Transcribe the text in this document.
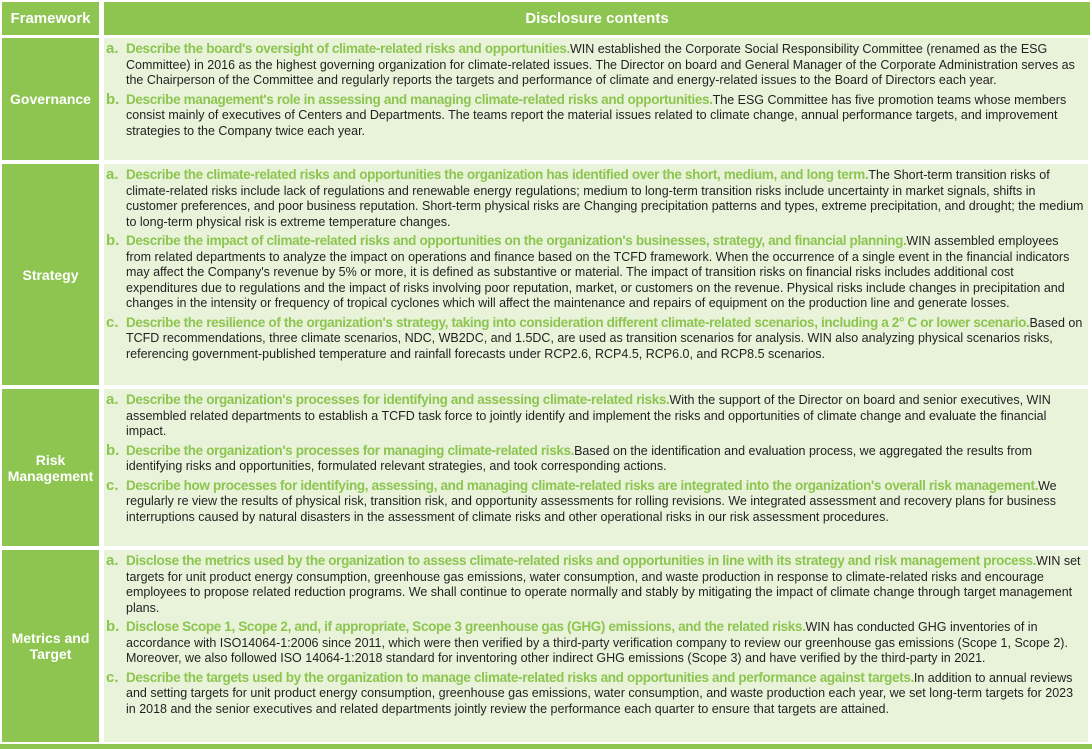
Framework	Disclosure contents
Governance
a. Describe the board's oversight of climate-related risks and opportunities.WIN established the Corporate Social Responsibility Committee (renamed as the ESG Committee) in 2016 as the highest governing organization for climate-related issues. The Director on board and General Manager of the Corporate Administration serves as the Chairperson of the Committee and regularly reports the targets and performance of climate and energy-related issues to the Board of Directors each year.

b. Describe management's role in assessing and managing climate-related risks and opportunities.The ESG Committee has five promotion teams whose members consist mainly of executives of Centers and Departments. The teams report the material issues related to climate change, annual performance targets, and improvement strategies to the Company twice each year.

Strategy
a. Describe the climate-related risks and opportunities the organization has identified over the short, medium, and long term.The Short-term transition risks of climate-related risks include lack of regulations and renewable energy regulations; medium to long-term transition risks include uncertainty in market signals, shifts in customer preferences, and poor business reputation. Short-term physical risks are Changing precipitation patterns and types, extreme precipitation, and drought; the medium to long-term physical risk is extreme temperature changes.

b. Describe the impact of climate-related risks and opportunities on the organization's businesses, strategy, and financial planning.WIN assembled employees from related departments to analyze the impact on operations and finance based on the TCFD framework. When the occurrence of a single event in the financial indicators may affect the Company's revenue by 5% or more, it is defined as substantive or material. The impact of transition risks on financial risks includes additional cost expenditures due to regulations and the impact of risks involving poor reputation, market, or customers on the revenue. Physical risks include changes in precipitation and changes in the intensity or frequency of tropical cyclones which will affect the maintenance and repairs of equipment on the production line and generate losses.

c. Describe the resilience of the organization's strategy, taking into consideration different climate-related scenarios, including a 2° C or lower scenario.Based on TCFD recommendations, three climate scenarios, NDC, WB2DC, and 1.5DC, are used as transition scenarios for analysis. WIN also analyzing physical scenarios risks, referencing government-published temperature and rainfall forecasts under RCP2.6, RCP4.5, RCP6.0, and RCP8.5 scenarios.

Risk Management
a. Describe the organization's processes for identifying and assessing climate-related risks.With the support of the Director on board and senior executives, WIN assembled related departments to establish a TCFD task force to jointly identify and implement the risks and opportunities of climate change and evaluate the financial impact.

b. Describe the organization's processes for managing climate-related risks.Based on the identification and evaluation process, we aggregated the results from identifying risks and opportunities, formulated relevant strategies, and took corresponding actions.

c. Describe how processes for identifying, assessing, and managing climate-related risks are integrated into the organization's overall risk management.We regularly re view the results of physical risk, transition risk, and opportunity assessments for rolling revisions. We integrated assessment and recovery plans for business interruptions caused by natural disasters in the assessment of climate risks and other operational risks in our risk assessment procedures.

Metrics and Target
a. Disclose the metrics used by the organization to assess climate-related risks and opportunities in line with its strategy and risk management process.WIN set targets for unit product energy consumption, greenhouse gas emissions, water consumption, and waste production in response to climate-related risks and encourage employees to propose related reduction programs. We shall continue to operate normally and stably by mitigating the impact of climate change through target management plans.

b. Disclose Scope 1, Scope 2, and, if appropriate, Scope 3 greenhouse gas (GHG) emissions, and the related risks.WIN has conducted GHG inventories of in accordance with ISO14064-1:2006 since 2011, which were then verified by a third-party verification company to review our greenhouse gas emissions (Scope 1, Scope 2). Moreover, we also followed ISO 14064-1:2018 standard for inventoring other indirect GHG emissions (Scope 3) and have verified by the third-party in 2021.

c. Describe the targets used by the organization to manage climate-related risks and opportunities and performance against targets.In addition to annual reviews and setting targets for unit product energy consumption, greenhouse gas emissions, water consumption, and waste production each year, we set long-term targets for 2023 in 2018 and the senior executives and related departments jointly review the performance each quarter to ensure that targets are attained.
